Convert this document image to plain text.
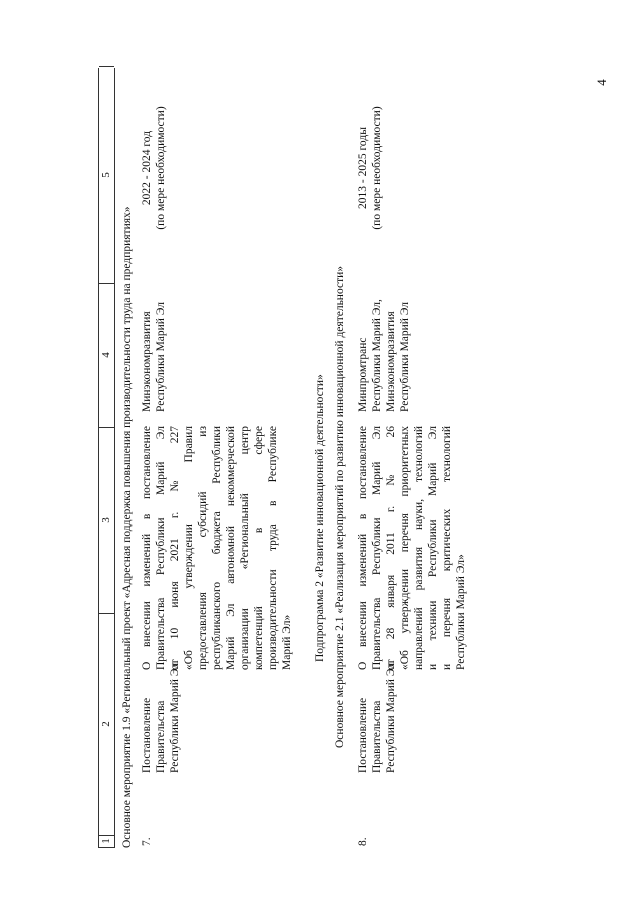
4
1
2
3
4
5
Основное мероприятие 1.9 «Региональный проект «Адресная поддержка повышения производительности труда на предприятиях» 7.
Постановление Правительства Республики Марий Эл
О внесении изменений в постановление Правительства Республики Марий Эл от 10 июня 2021 г. № 227 «Об утверждении Правил предоставления субсидий из республиканского бюджета Республики Марий Эл автономной некоммерческой организации «Региональный центр компетенций в сфере производительности труда в Республике Марий Эл»
Минэкономразвития Республики Марий Эл
2022 - 2024 год (по мере необходимости)
Подпрограмма 2 «Развитие инновационной деятельности» Основное мероприятие 2.1 «Реализация мероприятий по развитию инновационной деятельности»
8.
Постановление Правительства Республики Марий Эл
О внесении изменений в постановление Правительства Республики Марий Эл от 28 января 2011 г. № 26 «Об утверждении перечня приоритетных направлений развития науки, технологий и техники Республики Марий Эл и перечня критических технологий Республики Марий Эл»
Минпромтранс Республики Марий Эл, Минэкономразвития Республики Марий Эл
2013 - 2025 годы (по мере необходимости)
